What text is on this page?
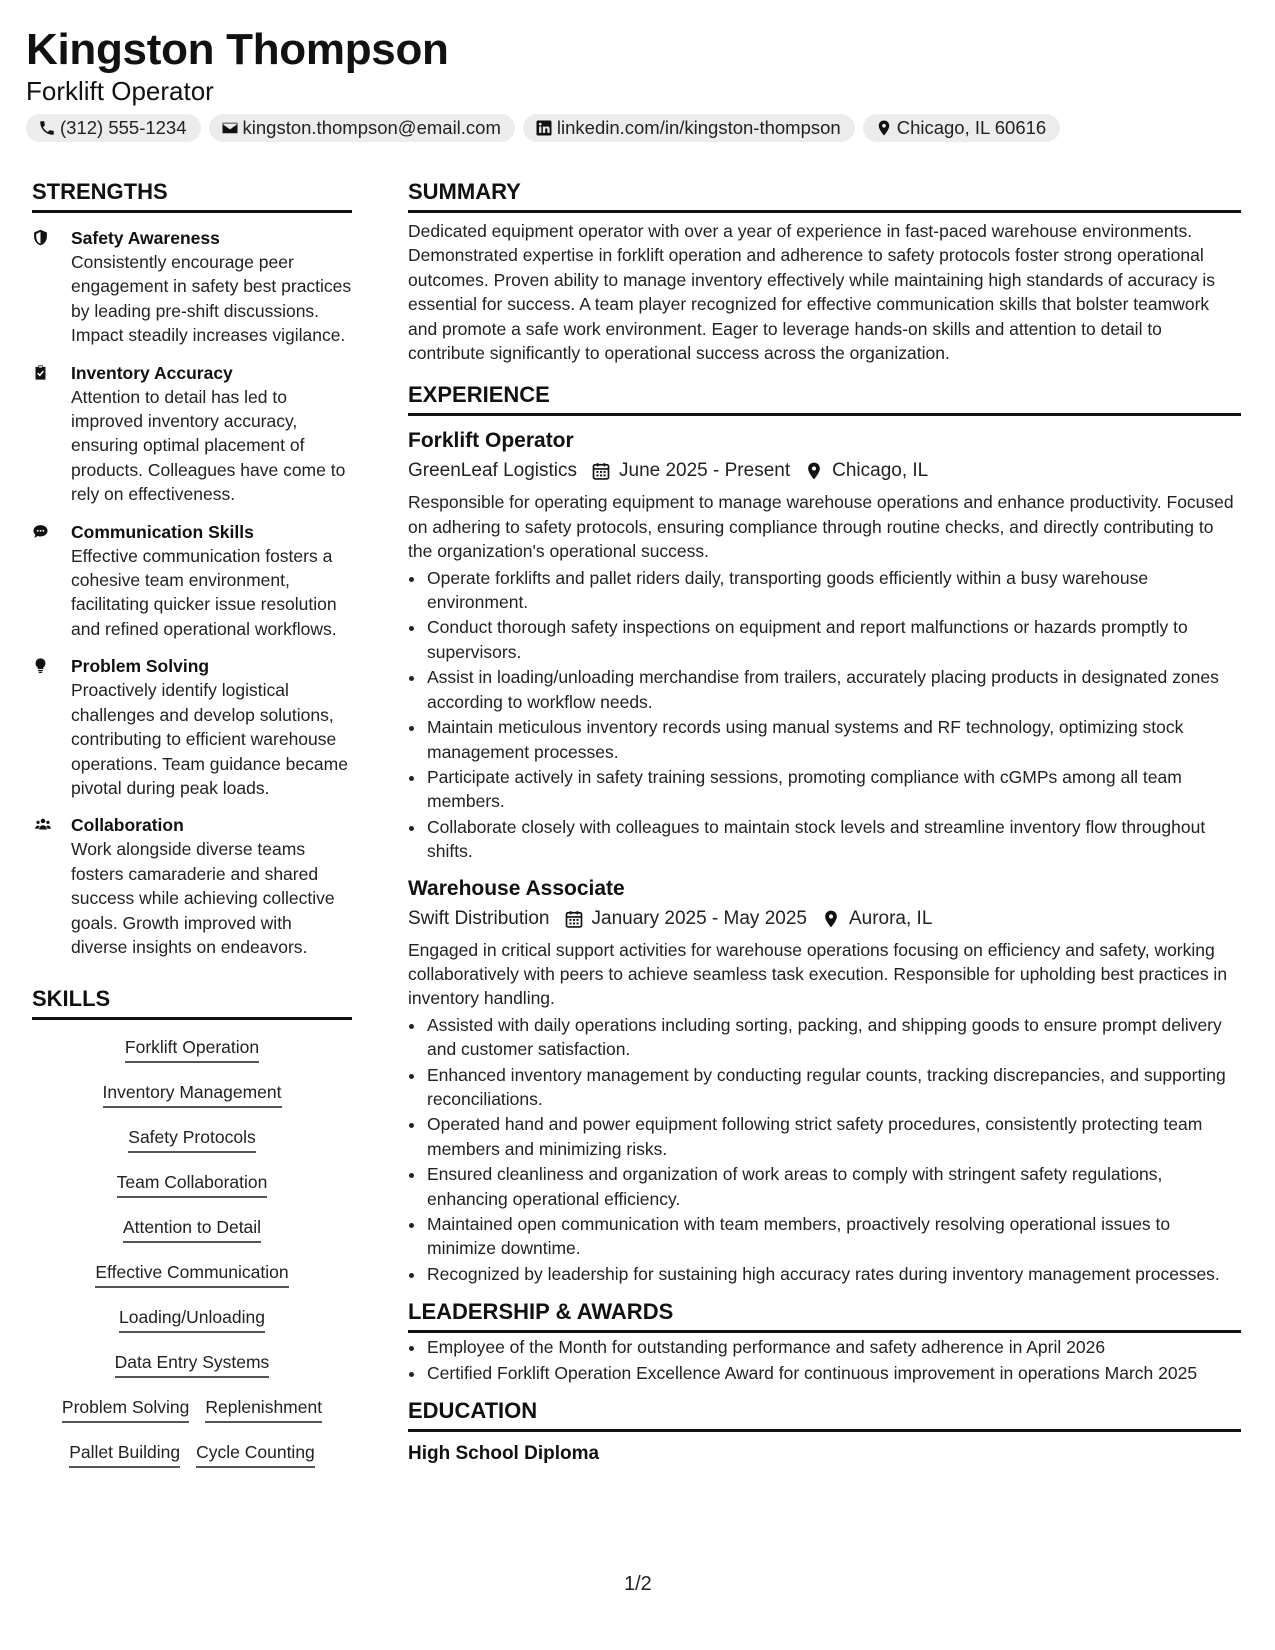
Kingston Thompson
Forklift Operator
(312) 555-1234	kingston.thompson@email.com	linkedin.com/in/kingston-thompson	Chicago, IL 60616
STRENGTHS
Safety Awareness
Consistently encourage peer engagement in safety best practices by leading pre-shift discussions. Impact steadily increases vigilance.
Inventory Accuracy
Attention to detail has led to improved inventory accuracy, ensuring optimal placement of products. Colleagues have come to rely on effectiveness.
Communication Skills
Effective communication fosters a cohesive team environment, facilitating quicker issue resolution and refined operational workflows.
Problem Solving
Proactively identify logistical challenges and develop solutions, contributing to efficient warehouse operations. Team guidance became pivotal during peak loads.
Collaboration
Work alongside diverse teams fosters camaraderie and shared success while achieving collective goals. Growth improved with diverse insights on endeavors.
SKILLS
Forklift Operation
Inventory Management
Safety Protocols
Team Collaboration
Attention to Detail
Effective Communication
Loading/Unloading
Data Entry Systems
Problem Solving Replenishment
Pallet Building Cycle Counting
SUMMARY
Dedicated equipment operator with over a year of experience in fast-paced warehouse environments. Demonstrated expertise in forklift operation and adherence to safety protocols foster strong operational outcomes. Proven ability to manage inventory effectively while maintaining high standards of accuracy is essential for success. A team player recognized for effective communication skills that bolster teamwork and promote a safe work environment. Eager to leverage hands-on skills and attention to detail to contribute significantly to operational success across the organization.
EXPERIENCE
Forklift Operator
GreenLeaf Logistics June 2025 - Present Chicago, IL
Responsible for operating equipment to manage warehouse operations and enhance productivity. Focused on adhering to safety protocols, ensuring compliance through routine checks, and directly contributing to the organization's operational success.
• Operate forklifts and pallet riders daily, transporting goods efficiently within a busy warehouse environment.
• Conduct thorough safety inspections on equipment and report malfunctions or hazards promptly to supervisors.
• Assist in loading/unloading merchandise from trailers, accurately placing products in designated zones according to workflow needs.
• Maintain meticulous inventory records using manual systems and RF technology, optimizing stock management processes.
• Participate actively in safety training sessions, promoting compliance with cGMPs among all team members.
• Collaborate closely with colleagues to maintain stock levels and streamline inventory flow throughout shifts.
Warehouse Associate
Swift Distribution January 2025 - May 2025 Aurora, IL
Engaged in critical support activities for warehouse operations focusing on efficiency and safety, working collaboratively with peers to achieve seamless task execution. Responsible for upholding best practices in inventory handling.
• Assisted with daily operations including sorting, packing, and shipping goods to ensure prompt delivery and customer satisfaction.
• Enhanced inventory management by conducting regular counts, tracking discrepancies, and supporting reconciliations.
• Operated hand and power equipment following strict safety procedures, consistently protecting team members and minimizing risks.
• Ensured cleanliness and organization of work areas to comply with stringent safety regulations, enhancing operational efficiency.
• Maintained open communication with team members, proactively resolving operational issues to minimize downtime.
• Recognized by leadership for sustaining high accuracy rates during inventory management processes.
LEADERSHIP & AWARDS
• Employee of the Month for outstanding performance and safety adherence in April 2026
• Certified Forklift Operation Excellence Award for continuous improvement in operations March 2025
EDUCATION
High School Diploma
1/2
